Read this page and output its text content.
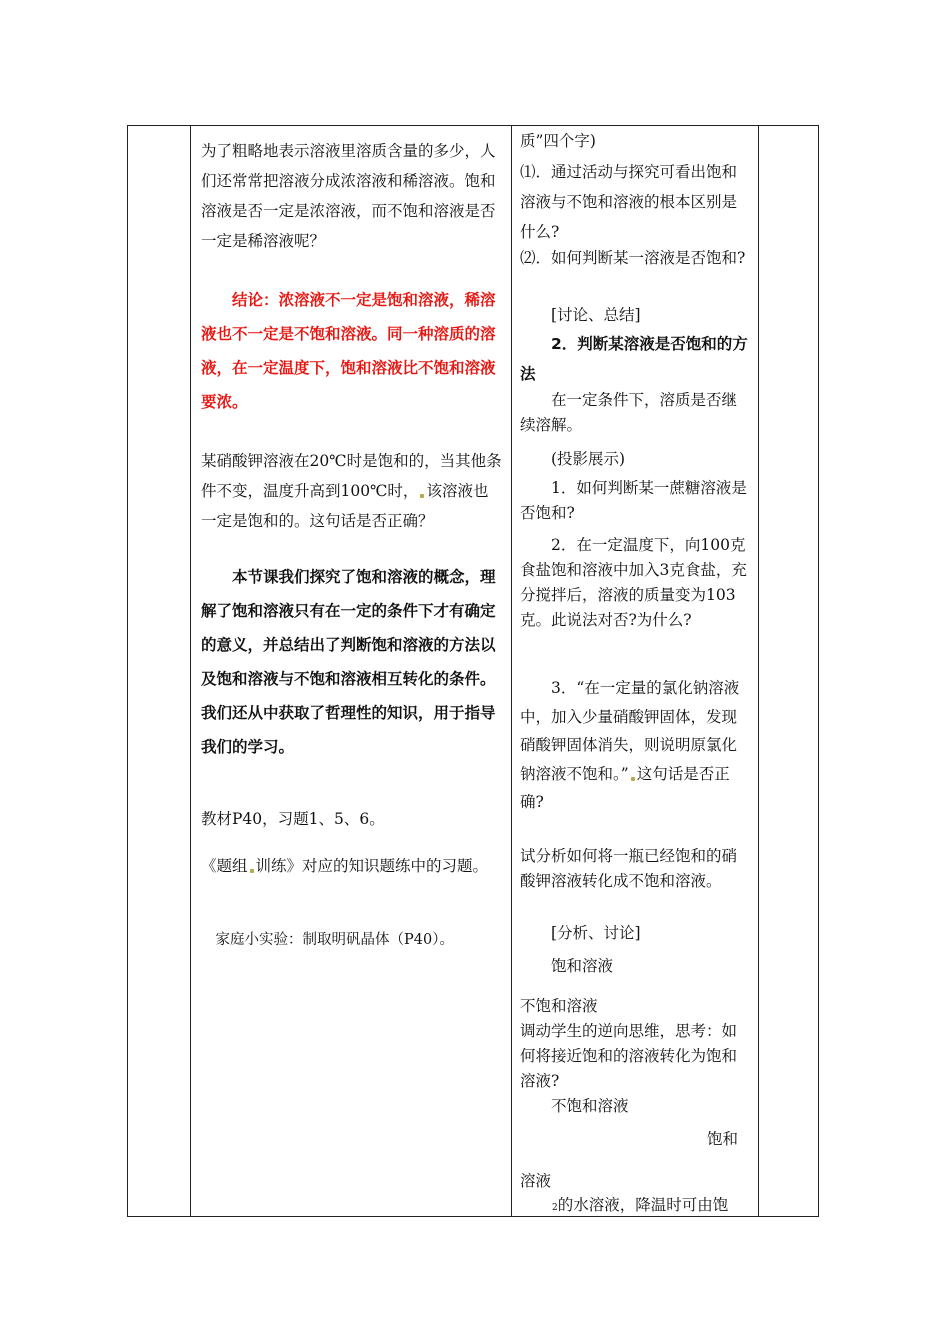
为了粗略地表示溶液里溶质含量的多少，人们还常常把溶液分成浓溶液和稀溶液。饱和溶液是否一定是浓溶液，而不饱和溶液是否一定是稀溶液呢？

结论：浓溶液不一定是饱和溶液，稀溶液也不一定是不饱和溶液。同一种溶质的溶液，在一定温度下，饱和溶液比不饱和溶液要浓。

某硝酸钾溶液在20℃时是饱和的，当其他条件不变，温度升高到100℃时， 该溶液也一定是饱和的。这句话是否正确？

本节课我们探究了饱和溶液的概念，理解了饱和溶液只有在一定的条件下才有确定的意义，并总结出了判断饱和溶液的方法以及饱和溶液与不饱和溶液相互转化的条件。我们还从中获取了哲理性的知识，用于指导我们的学习。

教材P40，习题1、5、6。

《题组 训练》对应的知识题练中的习题。

家庭小实验：制取明矾晶体（P40）。

质”四个字)

⑴．通过活动与探究可看出饱和溶液与不饱和溶液的根本区别是什么?

⑵．如何判断某一溶液是否饱和?

[讨论、总结]

2．判断某溶液是否饱和的方法

在一定条件下，溶质是否继续溶解。

(投影展示)

1．如何判断某一蔗糖溶液是否饱和?

2．在一定温度下，向100克食盐饱和溶液中加入3克食盐，充分搅拌后，溶液的质量变为103克。此说法对否?为什么?

3．“在一定量的氯化钠溶液中，加入少量硝酸钾固体，发现硝酸钾固体消失，则说明原氯化钠溶液不饱和。” 这句话是否正确?

试分析如何将一瓶已经饱和的硝酸钾溶液转化成不饱和溶液。

[分析、讨论]

饱和溶液

不饱和溶液

调动学生的逆向思维，思考：如何将接近饱和的溶液转化为饱和溶液?

不饱和溶液

饱和

溶液

2的水溶液，降温时可由饱
